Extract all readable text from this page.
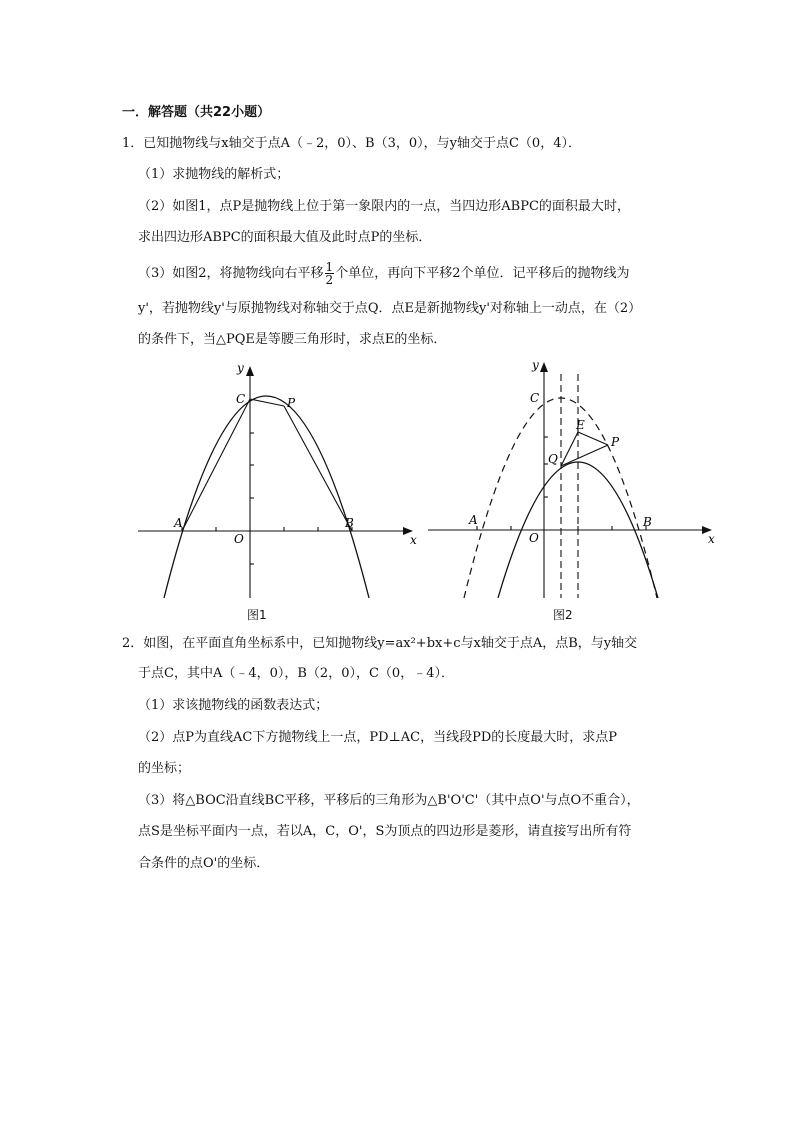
一．解答题（共22小题）

1．已知抛物线与x轴交于点A（﹣2，0）、B（3，0），与y轴交于点C（0，4）．

（1）求抛物线的解析式；

（2）如图1，点P是抛物线上位于第一象限内的一点，当四边形ABPC的面积最大时，

求出四边形ABPC的面积最大值及此时点P的坐标．

（3）如图2，将抛物线向右平移 $\frac{1}{2}$ 个单位，再向下平移2个单位．记平移后的抛物线为

y'，若抛物线y'与原抛物线对称轴交于点Q．点E是新抛物线y'对称轴上一动点，在（2）

的条件下，当△PQE是等腰三角形时，求点E的坐标．

y
x
O
A	B
C	P

图1

y
x
O
A	B
C
Q
E
P

图2

2．如图，在平面直角坐标系中，已知抛物线y=ax²+bx+c与x轴交于点A，点B，与y轴交

于点C，其中A（﹣4，0），B（2，0），C（0，﹣4）．

（1）求该抛物线的函数表达式；

（2）点P为直线AC下方抛物线上一点，PD⊥AC，当线段PD的长度最大时，求点P

的坐标；

（3）将△BOC沿直线BC平移，平移后的三角形为△B'O'C'（其中点O'与点O不重合），

点S是坐标平面内一点，若以A，C，O'，S为顶点的四边形是菱形，请直接写出所有符

合条件的点O'的坐标．
